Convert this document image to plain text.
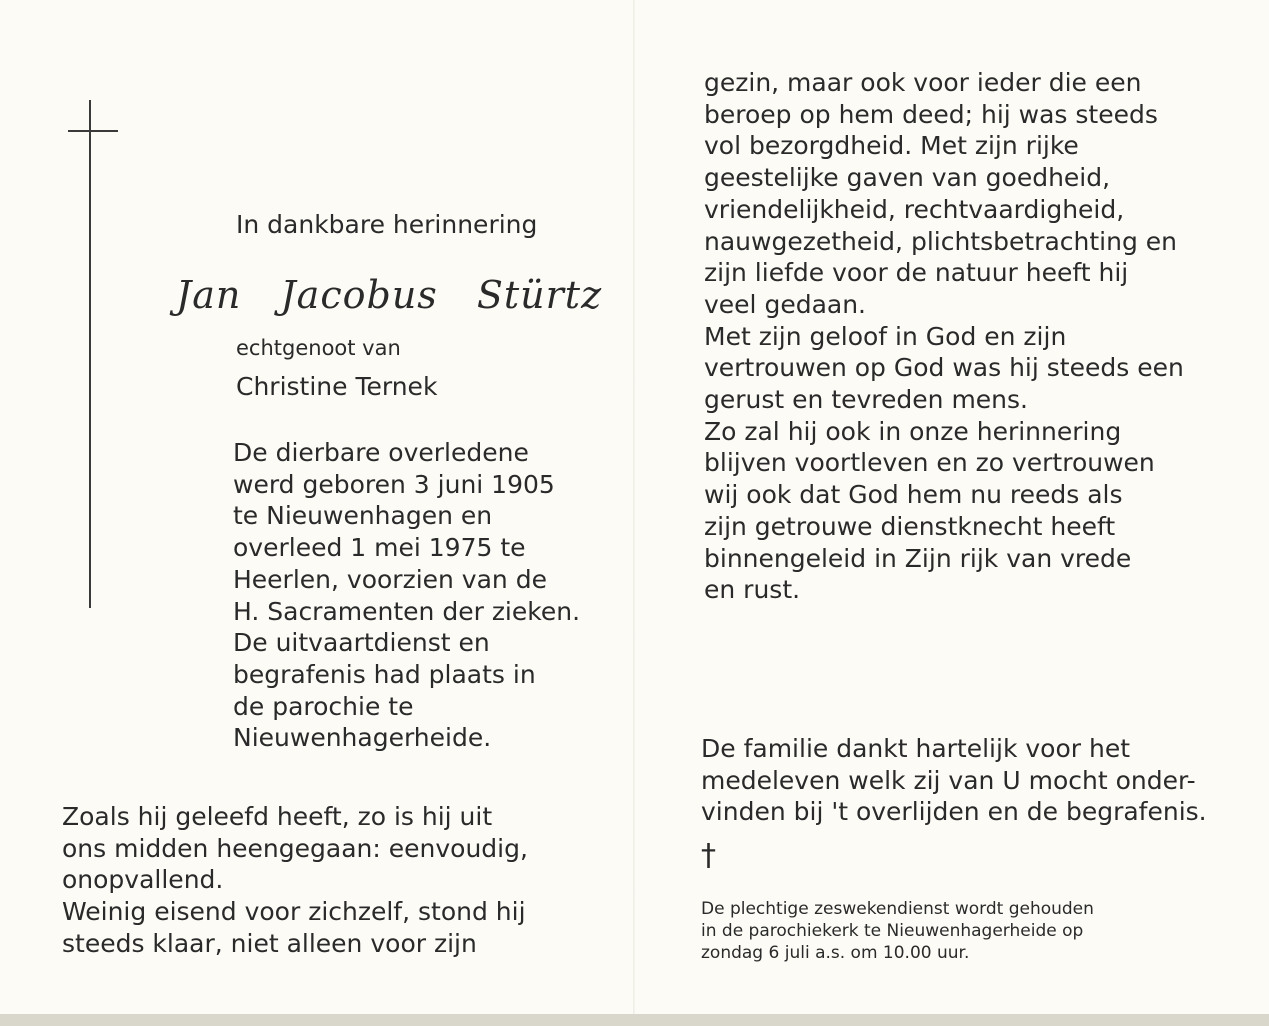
In dankbare herinnering
Jan Jacobus Stürtz
echtgenoot van
Christine Ternek
De dierbare overledene
werd geboren 3 juni 1905
te Nieuwenhagen en
overleed 1 mei 1975 te
Heerlen, voorzien van de
H. Sacramenten der zieken.
De uitvaartdienst en
begrafenis had plaats in
de parochie te
Nieuwenhagerheide.
Zoals hij geleefd heeft, zo is hij uit
ons midden heengegaan: eenvoudig,
onopvallend.
Weinig eisend voor zichzelf, stond hij
steeds klaar, niet alleen voor zijn
gezin, maar ook voor ieder die een
beroep op hem deed; hij was steeds
vol bezorgdheid. Met zijn rijke
geestelijke gaven van goedheid,
vriendelijkheid, rechtvaardigheid,
nauwgezetheid, plichtsbetrachting en
zijn liefde voor de natuur heeft hij
veel gedaan.
Met zijn geloof in God en zijn
vertrouwen op God was hij steeds een
gerust en tevreden mens.
Zo zal hij ook in onze herinnering
blijven voortleven en zo vertrouwen
wij ook dat God hem nu reeds als
zijn getrouwe dienstknecht heeft
binnengeleid in Zijn rijk van vrede
en rust.
De familie dankt hartelijk voor het
medeleven welk zij van U mocht onder-
vinden bij 't overlijden en de begrafenis.
†
De plechtige zeswekendienst wordt gehouden
in de parochiekerk te Nieuwenhagerheide op
zondag 6 juli a.s. om 10.00 uur.
